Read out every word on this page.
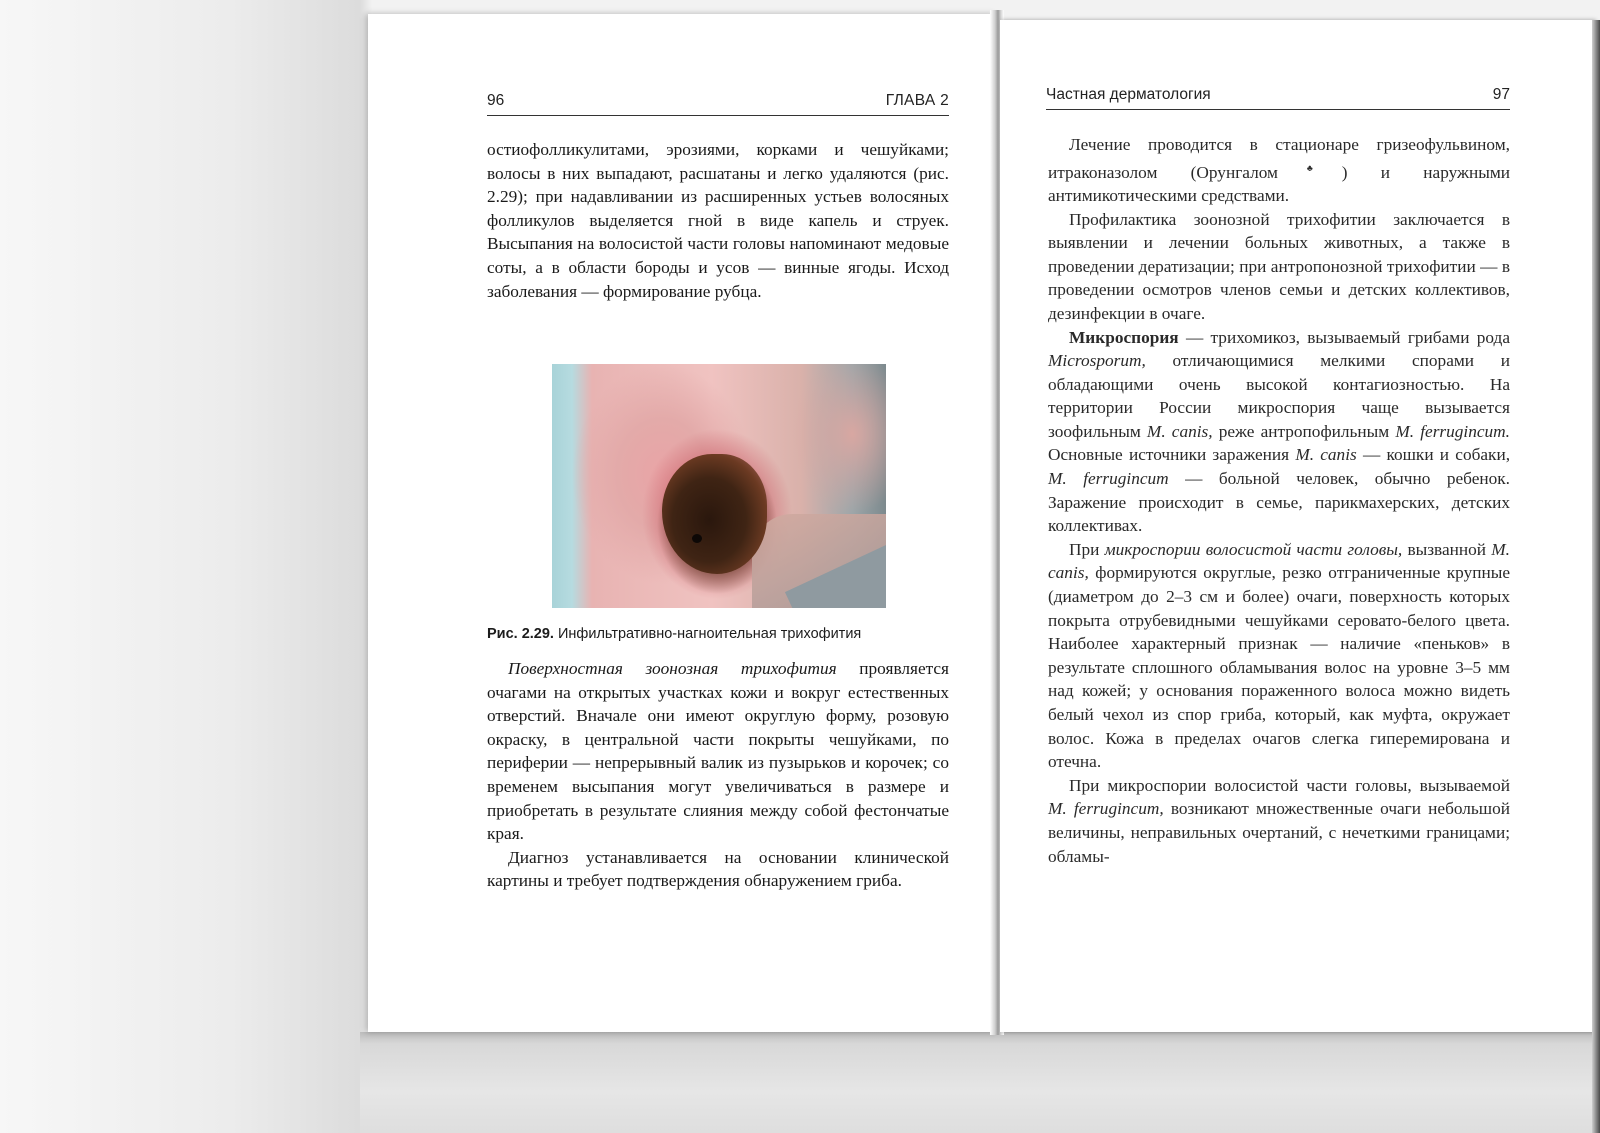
96	ГЛАВА 2

остиофолликулитами, эрозиями, корками и чешуйками; волосы в них выпадают, расшатаны и легко удаляются (рис. 2.29); при надавливании из расширенных устьев волосяных фолликулов выделяется гной в виде капель и струек. Высыпания на волосистой части головы напоминают медовые соты, а в области бороды и усов — винные ягоды. Исход заболевания — формирование рубца.

Рис. 2.29. Инфильтративно-нагноительная трихофития

Поверхностная зоонозная трихофития проявляется очагами на открытых участках кожи и вокруг естественных отверстий. Вначале они имеют округлую форму, розовую окраску, в центральной части покрыты чешуйками, по периферии — непрерывный валик из пузырьков и корочек; со временем высыпания могут увеличиваться в размере и приобретать в результате слияния между собой фестончатые края.

Диагноз устанавливается на основании клинической картины и требует подтверждения обнаружением гриба.

Частная дерматология	97

Лечение проводится в стационаре гризеофульвином, итраконазолом (Орунгалом♣) и наружными антимикотическими средствами.

Профилактика зоонозной трихофитии заключается в выявлении и лечении больных животных, а также в проведении дератизации; при антропонозной трихофитии — в проведении осмотров членов семьи и детских коллективов, дезинфекции в очаге.

Микроспория — трихомикоз, вызываемый грибами рода Microsporum, отличающимися мелкими спорами и обладающими очень высокой контагиозностью. На территории России микроспория чаще вызывается зоофильным M. canis, реже антропофильным M. ferrugincum. Основные источники заражения M. canis — кошки и собаки, M. ferrugincum — больной человек, обычно ребенок. Заражение происходит в семье, парикмахерских, детских коллективах.

При микроспории волосистой части головы, вызванной M. canis, формируются округлые, резко отграниченные крупные (диаметром до 2–3 см и более) очаги, поверхность которых покрыта отрубевидными чешуйками серовато-белого цвета. Наиболее характерный признак — наличие «пеньков» в результате сплошного обламывания волос на уровне 3–5 мм над кожей; у основания пораженного волоса можно видеть белый чехол из спор гриба, который, как муфта, окружает волос. Кожа в пределах очагов слегка гиперемирована и отечна.

При микроспории волосистой части головы, вызываемой M. ferrugincum, возникают множественные очаги небольшой величины, неправильных очертаний, с нечеткими границами; обламы-
